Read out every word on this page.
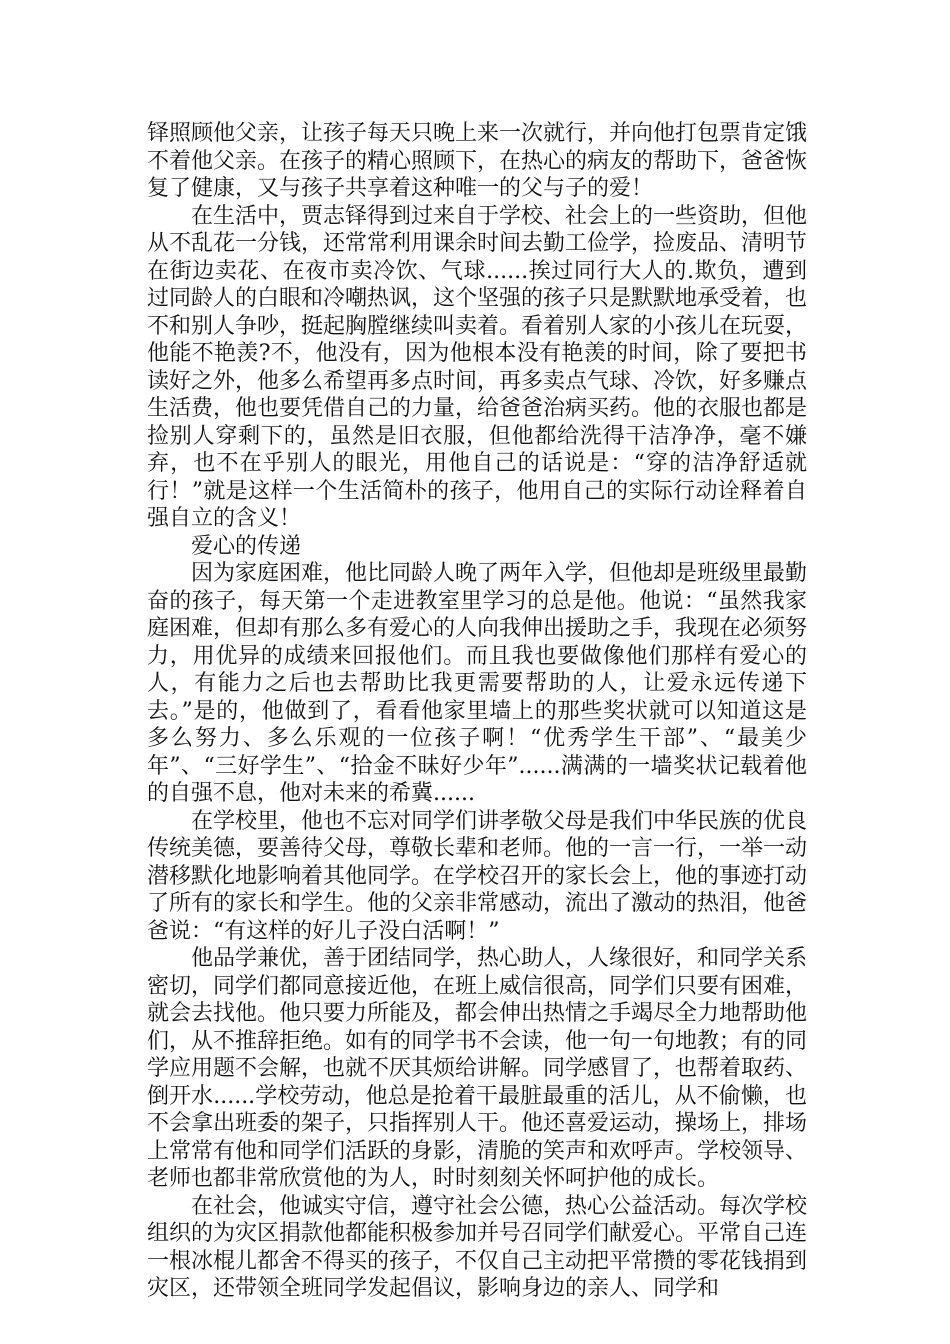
铎照顾他父亲，让孩子每天只晚上来一次就行，并向他打包票肯定饿不着他父亲。在孩子的精心照顾下，在热心的病友的帮助下，爸爸恢复了健康，又与孩子共享着这种唯一的父与子的爱！

在生活中，贾志铎得到过来自于学校、社会上的一些资助，但他从不乱花一分钱，还常常利用课余时间去勤工俭学，捡废品、清明节在街边卖花、在夜市卖冷饮、气球......挨过同行大人的.欺负，遭到过同龄人的白眼和冷嘲热讽，这个坚强的孩子只是默默地承受着，也不和别人争吵，挺起胸膛继续叫卖着。看着别人家的小孩儿在玩耍，他能不艳羡?不，他没有，因为他根本没有艳羡的时间，除了要把书读好之外，他多么希望再多点时间，再多卖点气球、冷饮，好多赚点生活费，他也要凭借自己的力量，给爸爸治病买药。他的衣服也都是捡别人穿剩下的，虽然是旧衣服，但他都给洗得干洁净净，毫不嫌弃，也不在乎别人的眼光，用他自己的话说是：“穿的洁净舒适就行！”就是这样一个生活简朴的孩子，他用自己的实际行动诠释着自强自立的含义！

爱心的传递

因为家庭困难，他比同龄人晚了两年入学，但他却是班级里最勤奋的孩子，每天第一个走进教室里学习的总是他。他说：“虽然我家庭困难，但却有那么多有爱心的人向我伸出援助之手，我现在必须努力，用优异的成绩来回报他们。而且我也要做像他们那样有爱心的人，有能力之后也去帮助比我更需要帮助的人，让爱永远传递下去。”是的，他做到了，看看他家里墙上的那些奖状就可以知道这是多么努力、多么乐观的一位孩子啊！“优秀学生干部”、“最美少年”、“三好学生”、“拾金不昧好少年”......满满的一墙奖状记载着他的自强不息，他对未来的希冀......

在学校里，他也不忘对同学们讲孝敬父母是我们中华民族的优良传统美德，要善待父母，尊敬长辈和老师。他的一言一行，一举一动潜移默化地影响着其他同学。在学校召开的家长会上，他的事迹打动了所有的家长和学生。他的父亲非常感动，流出了激动的热泪，他爸爸说：“有这样的好儿子没白活啊！”

他品学兼优，善于团结同学，热心助人，人缘很好，和同学关系密切，同学们都同意接近他，在班上威信很高，同学们只要有困难，就会去找他。他只要力所能及，都会伸出热情之手竭尽全力地帮助他们，从不推辞拒绝。如有的同学书不会读，他一句一句地教；有的同学应用题不会解，也就不厌其烦给讲解。同学感冒了，也帮着取药、倒开水......学校劳动，他总是抢着干最脏最重的活儿，从不偷懒，也不会拿出班委的架子，只指挥别人干。他还喜爱运动，操场上，排场上常常有他和同学们活跃的身影，清脆的笑声和欢呼声。学校领导、老师也都非常欣赏他的为人，时时刻刻关怀呵护他的成长。

在社会，他诚实守信，遵守社会公德，热心公益活动。每次学校组织的为灾区捐款他都能积极参加并号召同学们献爱心。平常自己连一根冰棍儿都舍不得买的孩子，不仅自己主动把平常攒的零花钱捐到灾区，还带领全班同学发起倡议，影响身边的亲人、同学和
